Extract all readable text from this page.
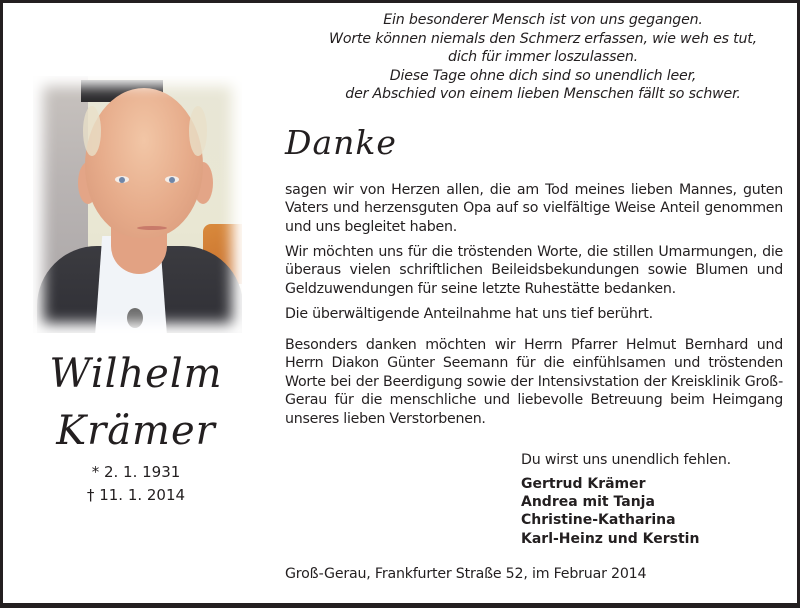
Ein besonderer Mensch ist von uns gegangen.
Worte können niemals den Schmerz erfassen, wie weh es tut,
dich für immer loszulassen.
Diese Tage ohne dich sind so unendlich leer,
der Abschied von einem lieben Menschen fällt so schwer.
Wilhelm
Krämer
* 2. 1. 1931
† 11. 1. 2014
Danke
sagen wir von Herzen allen, die am Tod meines lieben Mannes, guten Vaters und herzensguten Opa auf so vielfältige Weise Anteil genommen und uns begleitet haben.
Wir möchten uns für die tröstenden Worte, die stillen Umarmungen, die überaus vielen schriftlichen Beileidsbekundungen sowie Blumen und Geldzuwendungen für seine letzte Ruhestätte bedanken.
Die überwältigende Anteilnahme hat uns tief berührt.
Besonders danken möchten wir Herrn Pfarrer Helmut Bernhard und Herrn Diakon Günter Seemann für die einfühlsamen und tröstenden Worte bei der Beerdigung sowie der Intensivstation der Kreisklinik Groß-Gerau für die menschliche und liebevolle Betreuung beim Heimgang unseres lieben Verstorbenen.
Du wirst uns unendlich fehlen.
Gertrud Krämer
Andrea mit Tanja
Christine-Katharina
Karl-Heinz und Kerstin
Groß-Gerau, Frankfurter Straße 52, im Februar 2014
